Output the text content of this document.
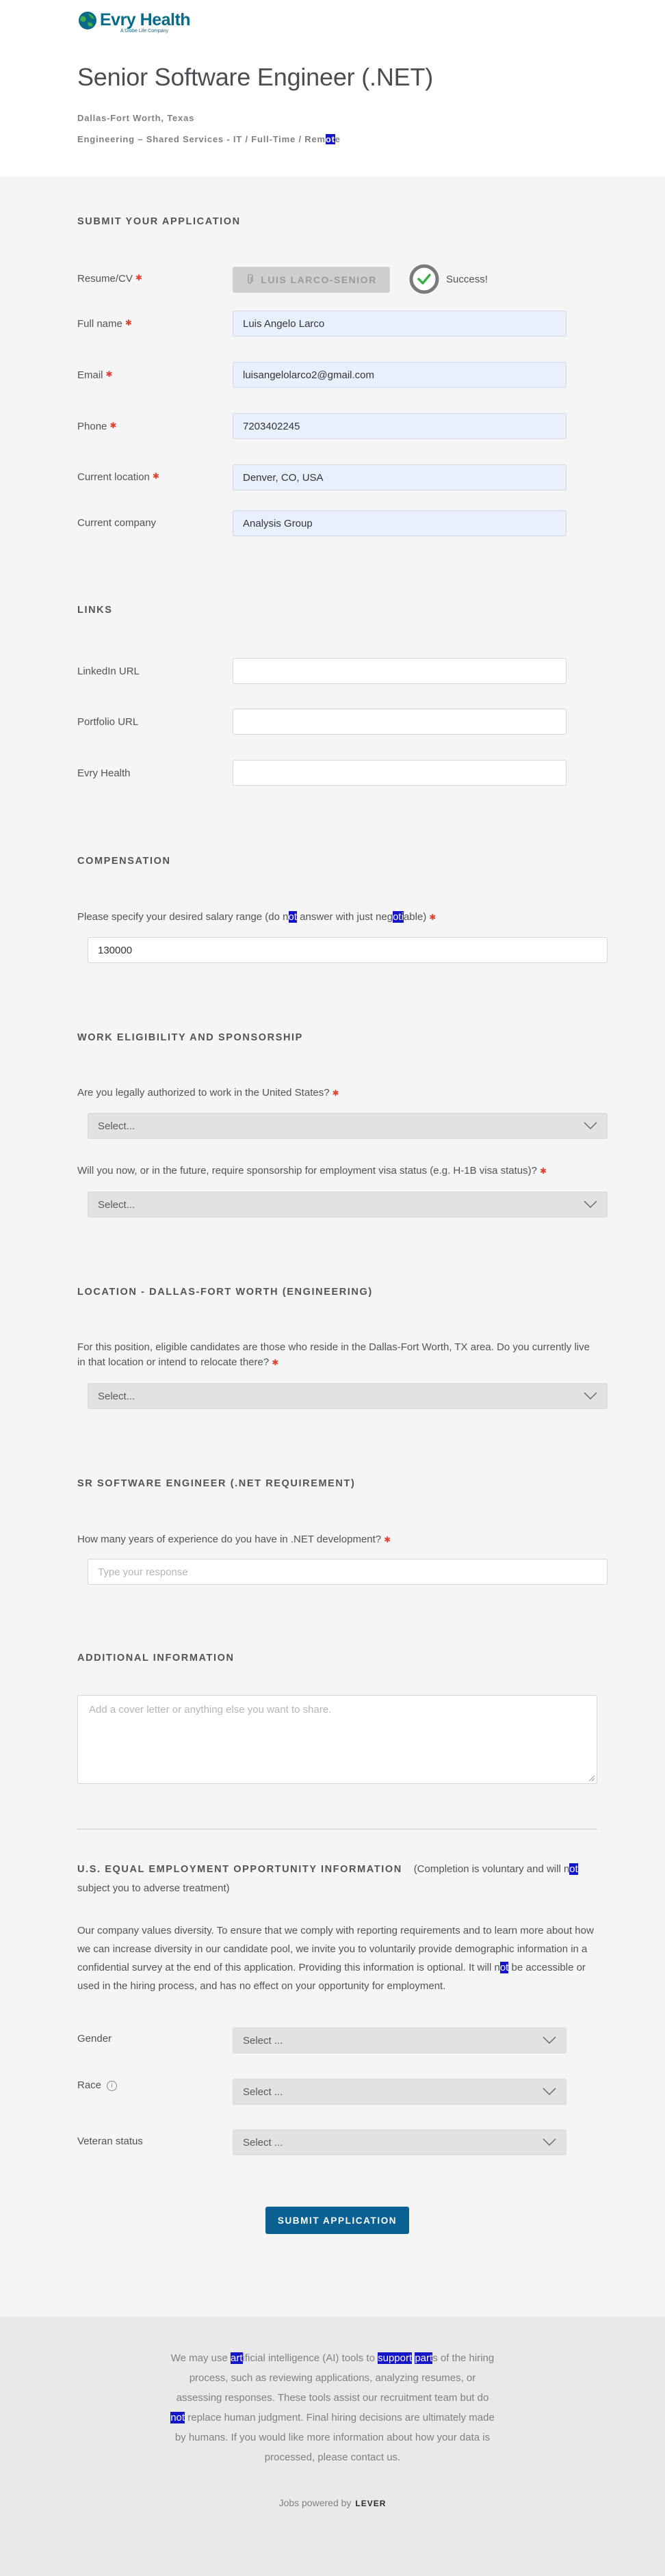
Evry Health
A Globe Life Company
Senior Software Engineer (.NET)
Dallas-Fort Worth, Texas
Engineering – Shared Services - IT / Full-Time / Remote
SUBMIT YOUR APPLICATION
Resume/CV ✱	LUIS LARCO-SENIOR	Success!
Full name ✱	Luis Angelo Larco
Email ✱	luisangelolarco2@gmail.com
Phone ✱	7203402245
Current location ✱	Denver, CO, USA
Current company	Analysis Group
LINKS
LinkedIn URL
Portfolio URL
Evry Health
COMPENSATION
Please specify your desired salary range (do not answer with just negotiable) ✱
130000
WORK ELIGIBILITY AND SPONSORSHIP
Are you legally authorized to work in the United States? ✱
Select...
Will you now, or in the future, require sponsorship for employment visa status (e.g. H-1B visa status)? ✱
Select...
LOCATION - DALLAS-FORT WORTH (ENGINEERING)
For this position, eligible candidates are those who reside in the Dallas-Fort Worth, TX area. Do you currently live in that location or intend to relocate there? ✱
Select...
SR SOFTWARE ENGINEER (.NET REQUIREMENT)
How many years of experience do you have in .NET development? ✱
Type your response
ADDITIONAL INFORMATION
Add a cover letter or anything else you want to share.
U.S. EQUAL EMPLOYMENT OPPORTUNITY INFORMATION (Completion is voluntary and will not
subject you to adverse treatment)
Our company values diversity. To ensure that we comply with reporting requirements and to learn more about how we can increase diversity in our candidate pool, we invite you to voluntarily provide demographic information in a confidential survey at the end of this application. Providing this information is optional. It will not be accessible or used in the hiring process, and has no effect on your opportunity for employment.
Gender	Select ...
Race i	Select ...
Veteran status	Select ...
SUBMIT APPLICATION
We may use artificial intelligence (AI) tools to support parts of the hiring process, such as reviewing applications, analyzing resumes, or assessing responses. These tools assist our recruitment team but do not replace human judgment. Final hiring decisions are ultimately made by humans. If you would like more information about how your data is processed, please contact us.
Jobs powered by LEVER
